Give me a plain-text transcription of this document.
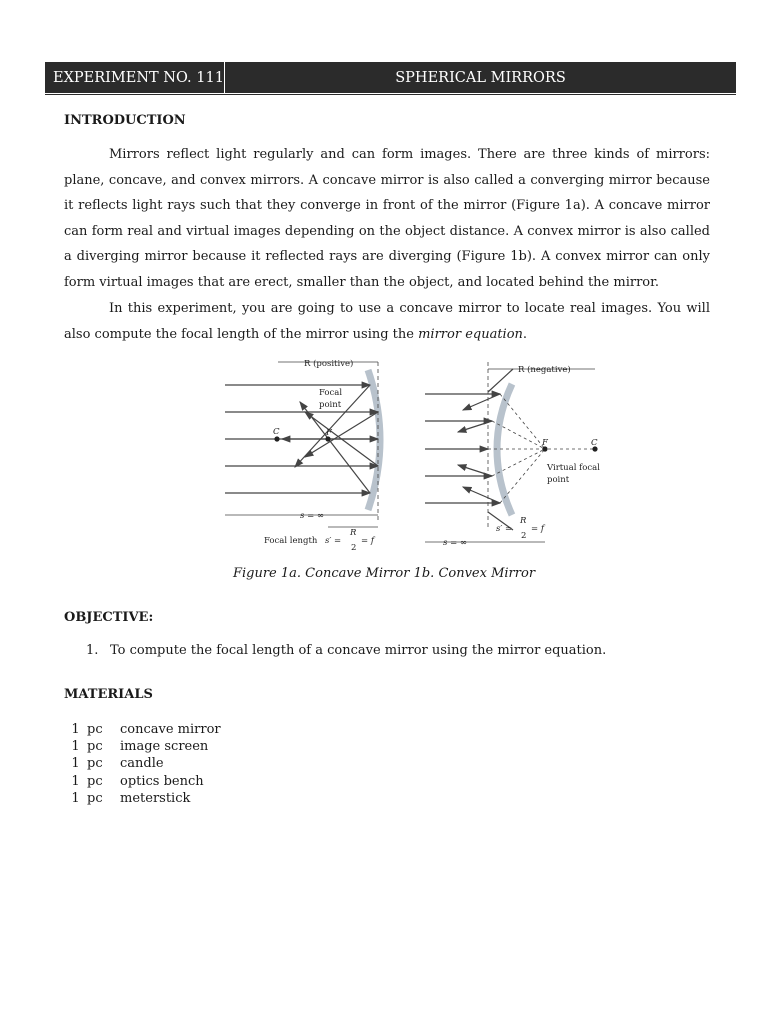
EXPERIMENT NO. 111	SPHERICAL MIRRORS
INTRODUCTION
Mirrors reflect light regularly and can form images. There are three kinds of mirrors: plane, concave, and convex mirrors. A concave mirror is also called a converging mirror because it reflects light rays such that they converge in front of the mirror (Figure 1a). A concave mirror can form real and virtual images depending on the object distance. A convex mirror is also called a diverging mirror because it reflected rays are diverging (Figure 1b). A convex mirror can only form virtual images that are erect, smaller than the object, and located behind the mirror.
In this experiment, you are going to use a concave mirror to locate real images. You will also compute the focal length of the mirror using the mirror equation.
R (positive)
Focal
point
C	F
s = ∞
Focal length s′ =
R
2
= f
R (negative)
F	C
Virtual focal
point
s′ =
R
2
= f
s = ∞
Figure 1a. Concave Mirror 1b. Convex Mirror
OBJECTIVE:
1. To compute the focal length of a concave mirror using the mirror equation.
MATERIALS
1 pc	concave mirror
1 pc	image screen
1 pc	candle
1 pc	optics bench
1 pc	meterstick
